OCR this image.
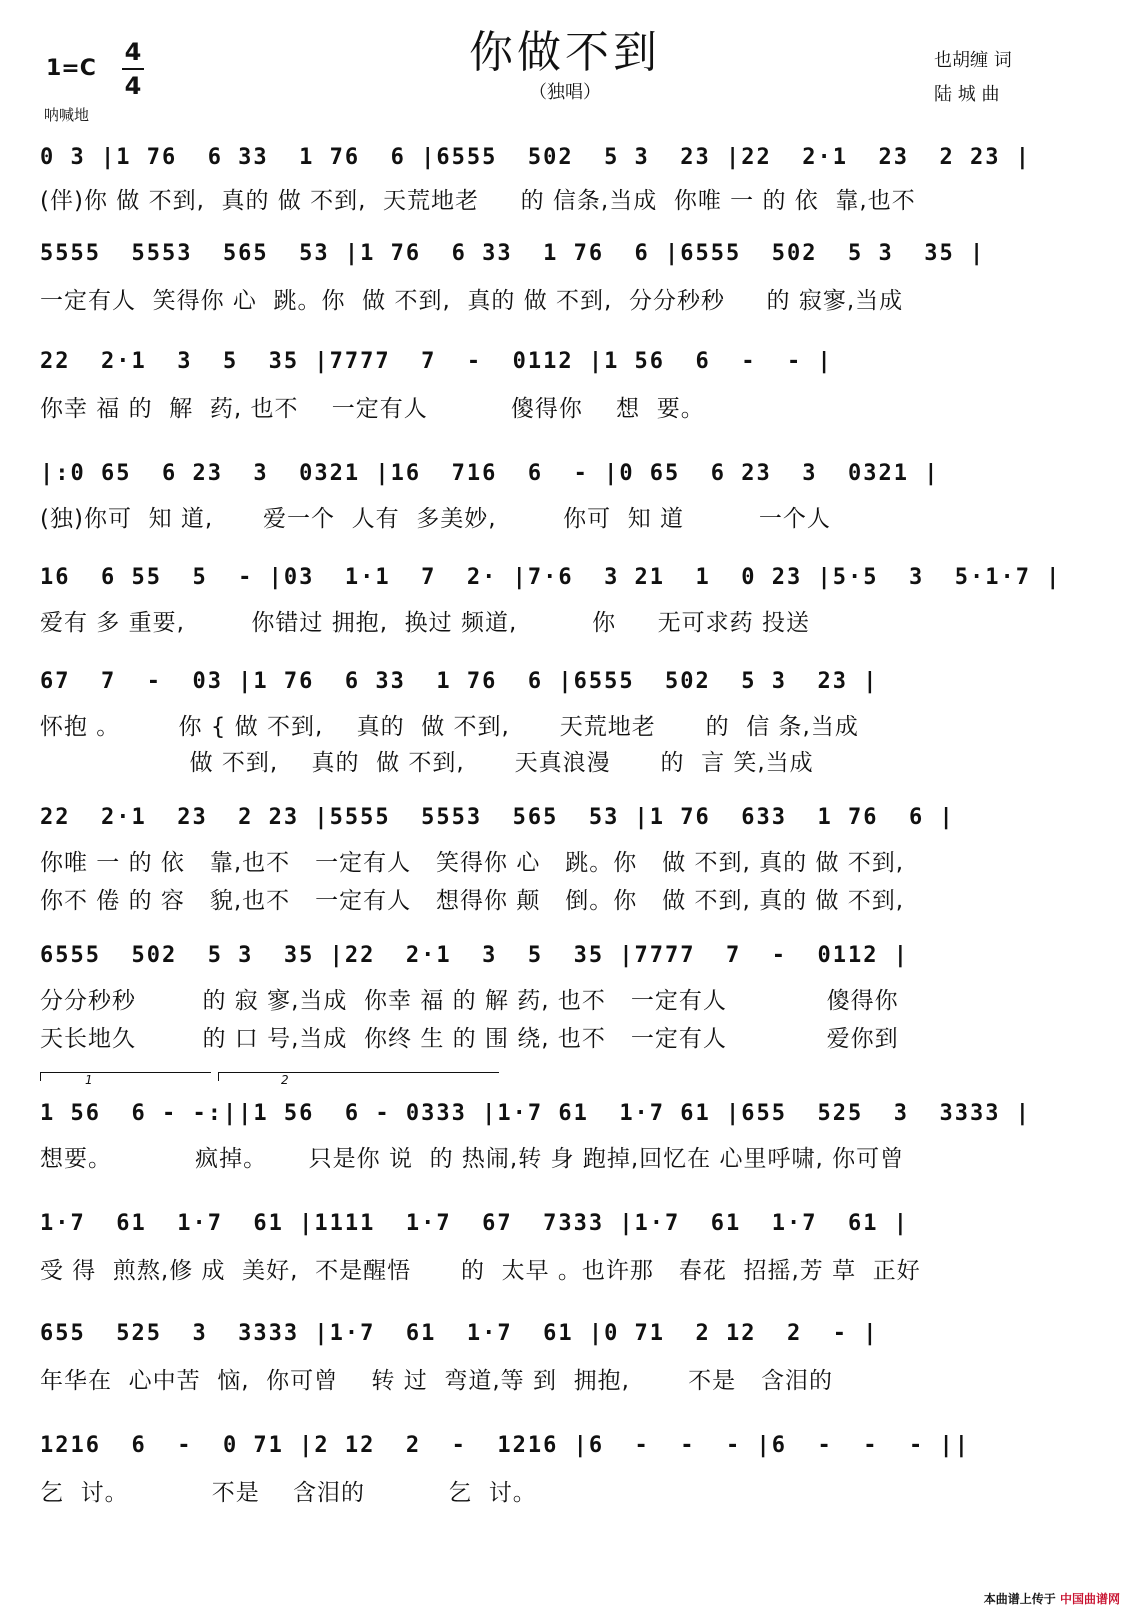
你做不到
（独唱）
1=C
4
4
呐喊地
也胡缠 词
陆 城 曲
0 3 |1 76  6 33  1 76  6 |6555  502  5 3  23 |22  2·1  23  2 23 |
(伴)你 做 不到,  真的 做 不到,  天荒地老     的 信条,当成  你唯 一 的 依  靠,也不
5555  5553  565  53 |1 76  6 33  1 76  6 |6555  502  5 3  35 |
一定有人  笑得你 心  跳。你  做 不到,  真的 做 不到,  分分秒秒     的 寂寥,当成
22  2·1  3  5  35 |7777  7  -  0112 |1 56  6  -  - |
你幸 福 的  解  药, 也不    一定有人          傻得你    想  要。
|:0 65  6 23  3  0321 |16  716  6  - |0 65  6 23  3  0321 |
(独)你可  知 道,      爱一个  人有  多美妙,        你可  知 道         一个人
16  6 55  5  - |03  1·1  7  2· |7·6  3 21  1  0 23 |5·5  3  5·1·7 |
爱有 多 重要,        你错过 拥抱,  换过 频道,         你     无可求药 投送
67  7  -  03 |1 76  6 33  1 76  6 |6555  502  5 3  23 |
怀抱 。       你 { 做 不到,    真的  做 不到,      天荒地老      的  信 条,当成
做 不到,    真的  做 不到,      天真浪漫      的  言 笑,当成
22  2·1  23  2 23 |5555  5553  565  53 |1 76  633  1 76  6 |
你唯 一 的 依   靠,也不   一定有人   笑得你 心   跳。你   做 不到, 真的 做 不到,
你不 倦 的 容   貌,也不   一定有人   想得你 颠   倒。你   做 不到, 真的 做 不到,
6555  502  5 3  35 |22  2·1  3  5  35 |7777  7  -  0112 |
分分秒秒        的 寂 寥,当成  你幸 福 的 解 药, 也不   一定有人            傻得你
天长地久        的 口 号,当成  你终 生 的 围 绕, 也不   一定有人            爱你到
1	2
1 56  6 - -:||1 56  6 - 0333 |1·7 61  1·7 61 |655  525  3  3333 |
想要。          疯掉。     只是你 说  的 热闹,转 身 跑掉,回忆在 心里呼啸, 你可曾
1·7  61  1·7  61 |1111  1·7  67  7333 |1·7  61  1·7  61 |
受 得  煎熬,修 成  美好,  不是醒悟      的  太早 。也许那   春花  招摇,芳 草  正好
655  525  3  3333 |1·7  61  1·7  61 |0 71  2 12  2  - |
年华在  心中苦  恼,  你可曾    转 过  弯道,等 到  拥抱,       不是   含泪的
1216  6  -  0 71 |2 12  2  -  1216 |6  -  -  - |6  -  -  - ||
乞  讨。          不是    含泪的          乞  讨。
本曲谱上传于 中国曲谱网
